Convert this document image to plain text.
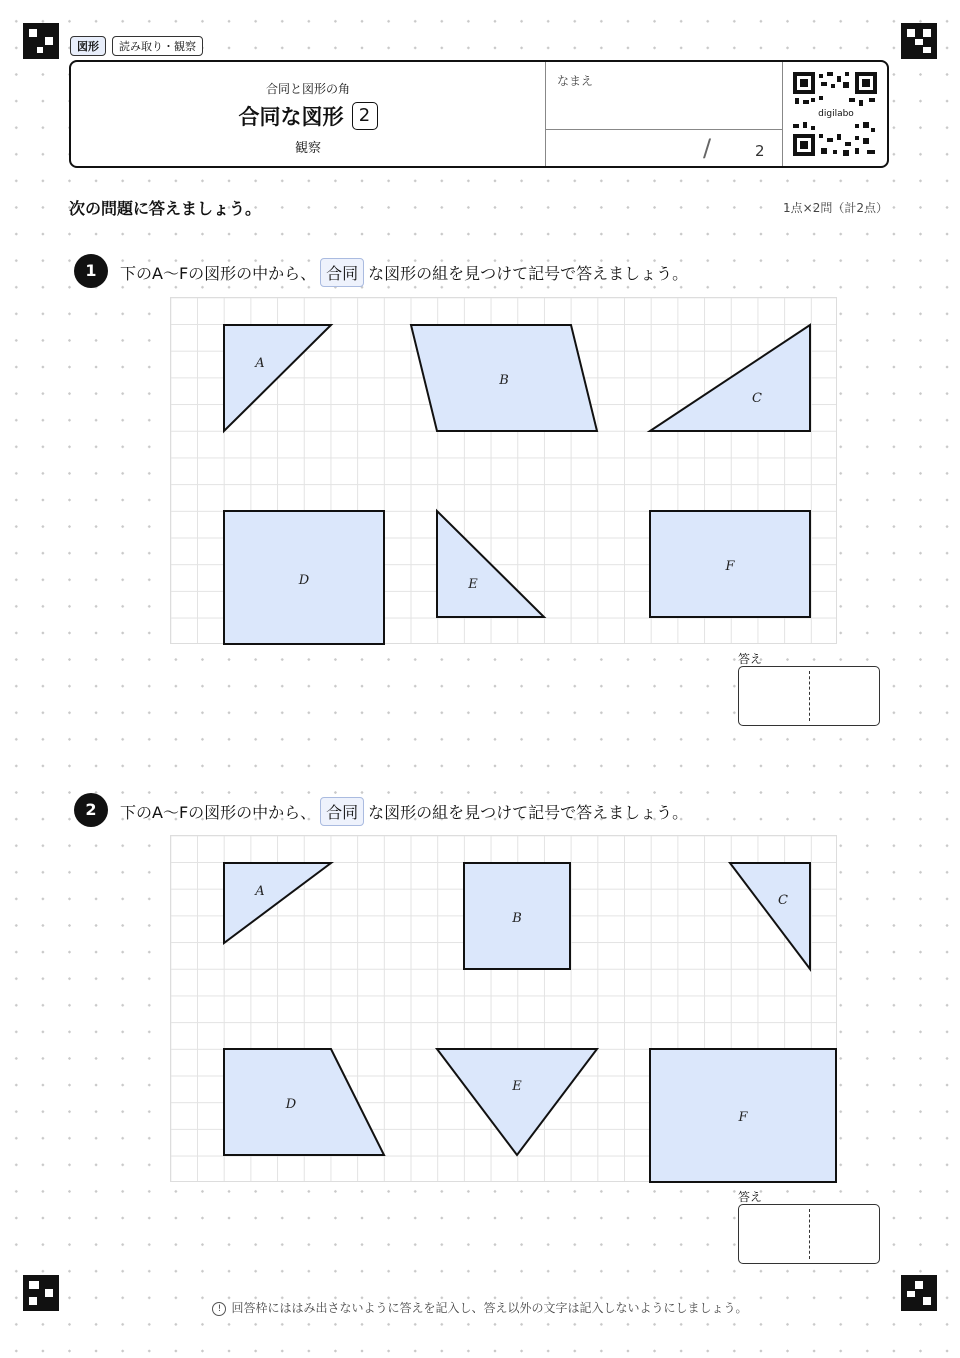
図形	読み取り・観察
合同と図形の角
合同な図形 2
観察
なまえ
/	2
digilabo
次の問題に答えましょう。	1点×2問（計2点）
1	下のA〜Fの図形の中から、 合同 な図形の組を見つけて記号で答えましょう。
A
B
C
D	E
F
答え
2	下のA〜Fの図形の中から、 合同 な図形の組を見つけて記号で答えましょう。
A
B
C
D
E
F
答え
! 回答枠にははみ出さないように答えを記入し、答え以外の文字は記入しないようにしましょう。
